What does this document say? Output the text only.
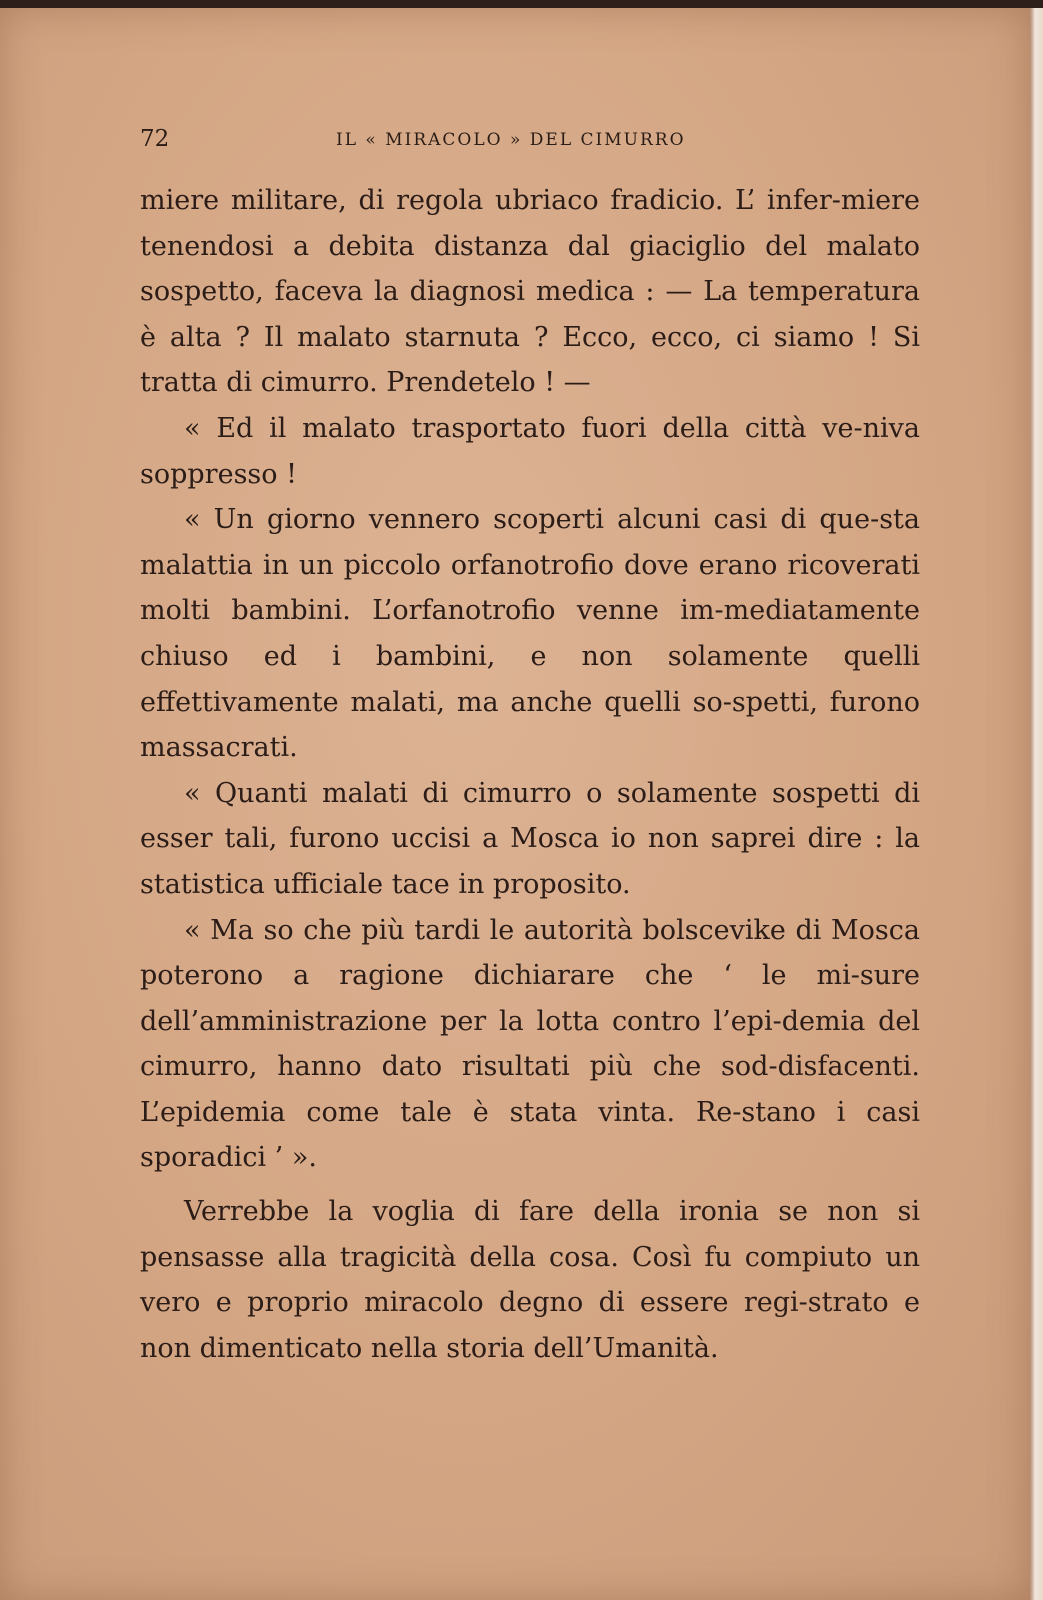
72	IL « MIRACOLO » DEL CIMURRO

miere militare, di regola ubriaco fradicio. L’ infer-miere tenendosi a debita distanza dal giaciglio del malato sospetto, faceva la diagnosi medica : — La temperatura è alta ? Il malato starnuta ? Ecco, ecco, ci siamo ! Si tratta di cimurro. Prendetelo ! —

« Ed il malato trasportato fuori della città ve-niva soppresso !

« Un giorno vennero scoperti alcuni casi di que-sta malattia in un piccolo orfanotrofio dove erano ricoverati molti bambini. L’orfanotrofio venne im-mediatamente chiuso ed i bambini, e non solamente quelli effettivamente malati, ma anche quelli so-spetti, furono massacrati.

« Quanti malati di cimurro o solamente sospetti di esser tali, furono uccisi a Mosca io non saprei dire : la statistica ufficiale tace in proposito.

« Ma so che più tardi le autorità bolscevike di Mosca poterono a ragione dichiarare che ‘ le mi-sure dell’amministrazione per la lotta contro l’epi-demia del cimurro, hanno dato risultati più che sod-disfacenti. L’epidemia come tale è stata vinta. Re-stano i casi sporadici ’ ».

Verrebbe la voglia di fare della ironia se non si pensasse alla tragicità della cosa. Così fu compiuto un vero e proprio miracolo degno di essere regi-strato e non dimenticato nella storia dell’Umanità.
